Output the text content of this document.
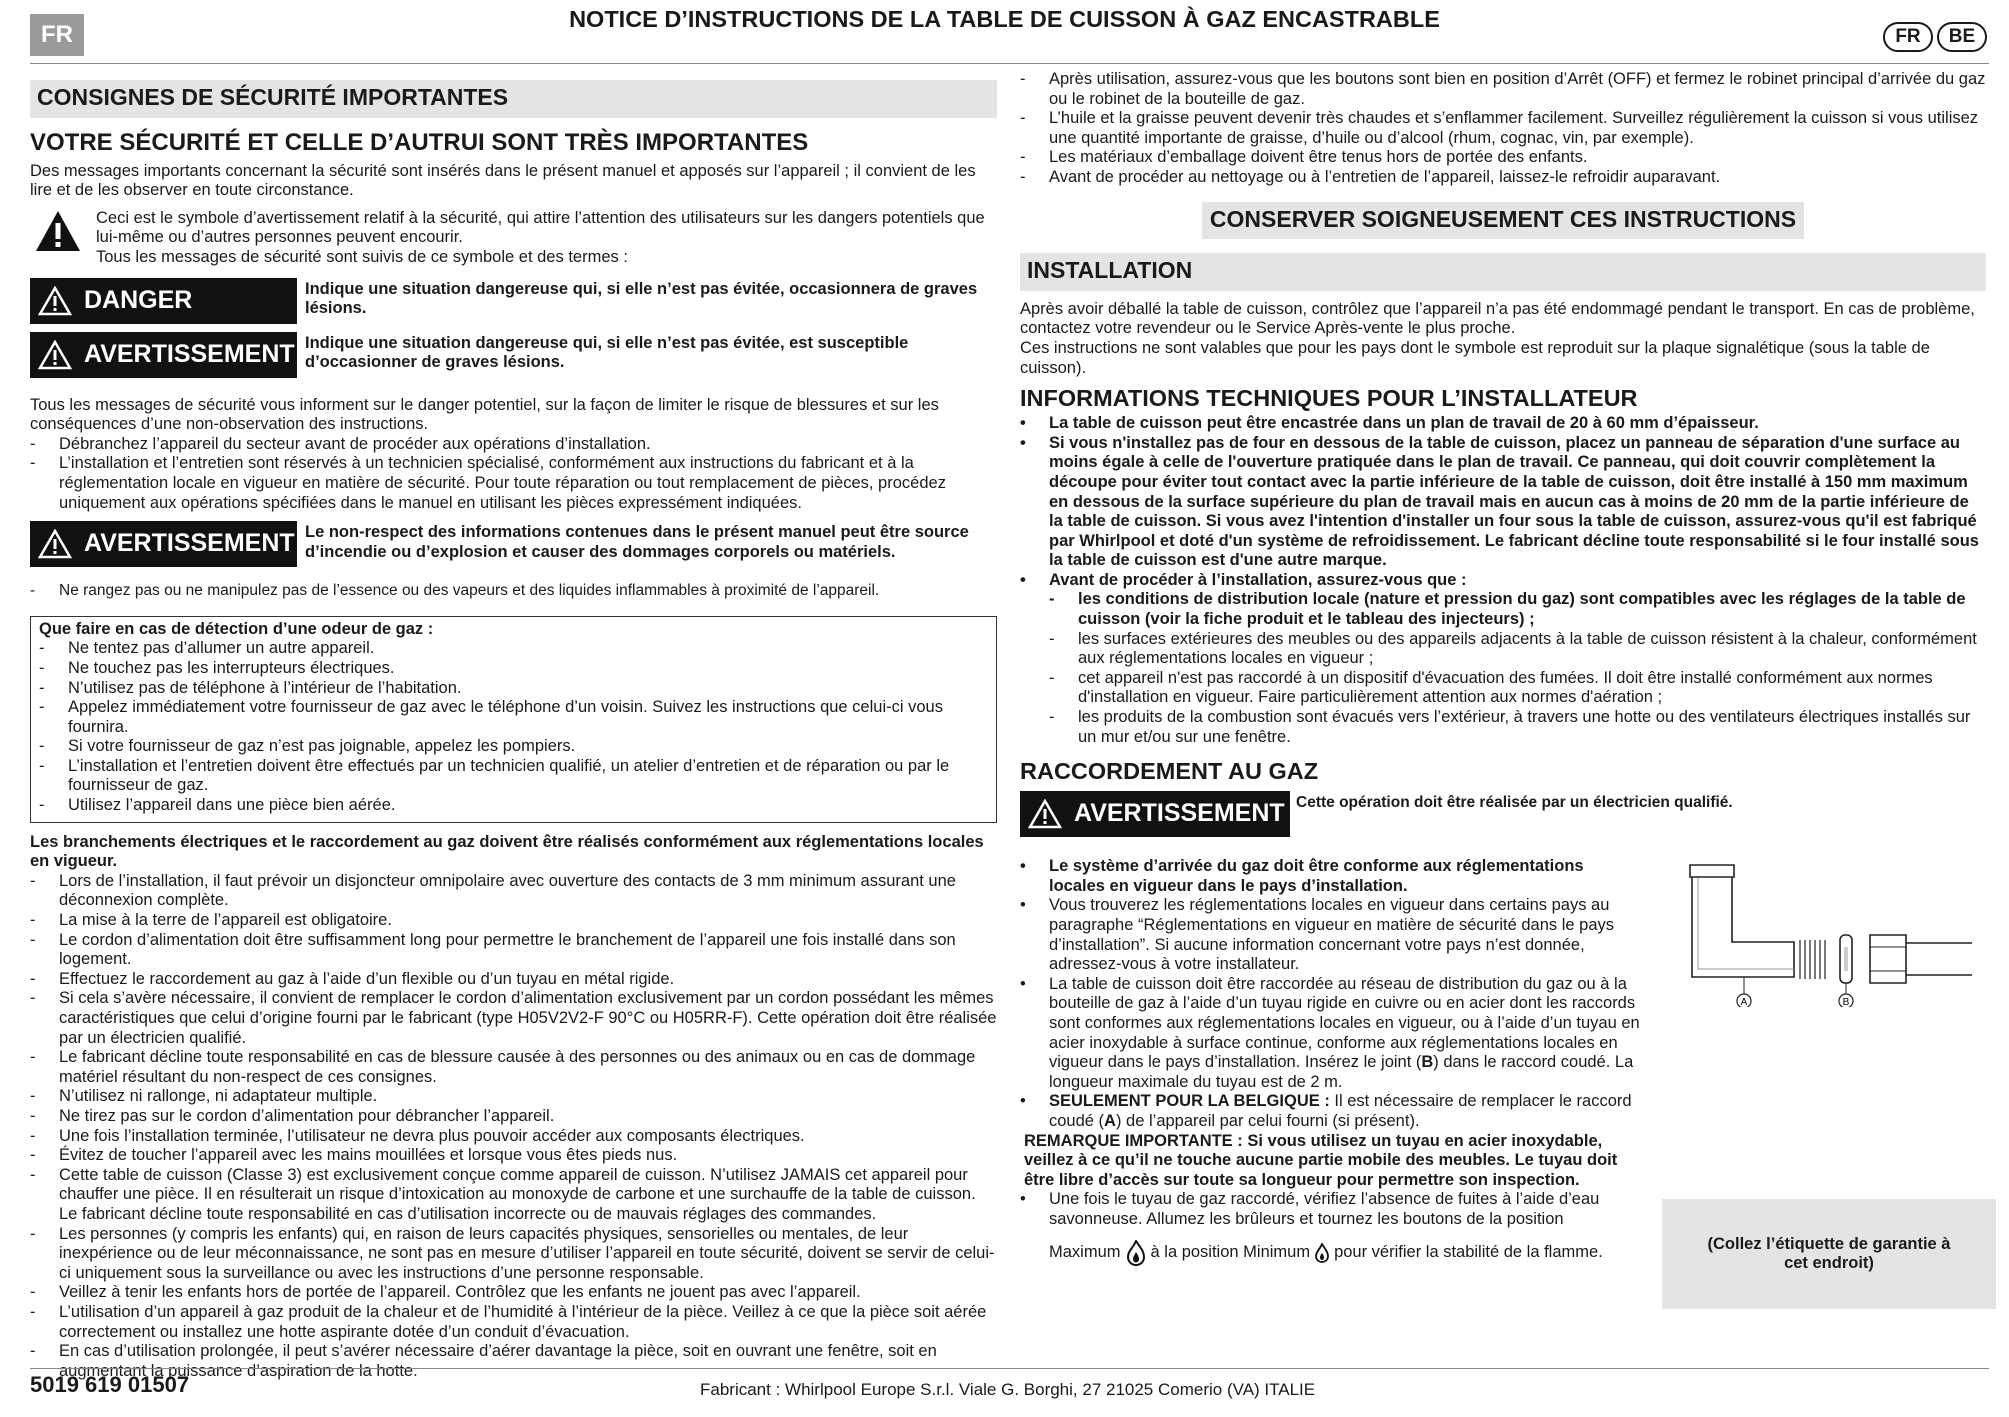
FR
NOTICE D’INSTRUCTIONS DE LA TABLE DE CUISSON À GAZ ENCASTRABLE
FR	BE
CONSIGNES DE SÉCURITÉ IMPORTANTES
VOTRE SÉCURITÉ ET CELLE D’AUTRUI SONT TRÈS IMPORTANTES

Des messages importants concernant la sécurité sont insérés dans le présent manuel et apposés sur l’appareil ; il convient de les lire et de les observer en toute circonstance.

Ceci est le symbole d’avertissement relatif à la sécurité, qui attire l’attention des utilisateurs sur les dangers potentiels que lui-même ou d’autres personnes peuvent encourir.

Tous les messages de sécurité sont suivis de ce symbole et des termes :

DANGER	Indique une situation dangereuse qui, si elle n’est pas évitée, occasionnera de graves lésions.
AVERTISSEMENT Indique une situation dangereuse qui, si elle n’est pas évitée, est susceptible d’occasionner de graves lésions.

Tous les messages de sécurité vous informent sur le danger potentiel, sur la façon de limiter le risque de blessures et sur les conséquences d’une non-observation des instructions.

- Débranchez l’appareil du secteur avant de procéder aux opérations d’installation.
- L’installation et l’entretien sont réservés à un technicien spécialisé, conformément aux instructions du fabricant et à la réglementation locale en vigueur en matière de sécurité. Pour toute réparation ou tout remplacement de pièces, procédez uniquement aux opérations spécifiées dans le manuel en utilisant les pièces expressément indiquées.
AVERTISSEMENT Le non-respect des informations contenues dans le présent manuel peut être source d’incendie ou d’explosion et causer des dommages corporels ou matériels.
- Ne rangez pas ou ne manipulez pas de l’essence ou des vapeurs et des liquides inflammables à proximité de l’appareil.

Que faire en cas de détection d’une odeur de gaz :

- Ne tentez pas d’allumer un autre appareil.
- Ne touchez pas les interrupteurs électriques.
- N’utilisez pas de téléphone à l’intérieur de l’habitation.
- Appelez immédiatement votre fournisseur de gaz avec le téléphone d’un voisin. Suivez les instructions que celui-ci vous fournira.
- Si votre fournisseur de gaz n’est pas joignable, appelez les pompiers.
- L’installation et l’entretien doivent être effectués par un technicien qualifié, un atelier d’entretien et de réparation ou par le fournisseur de gaz.
- Utilisez l’appareil dans une pièce bien aérée.

Les branchements électriques et le raccordement au gaz doivent être réalisés conformément aux réglementations locales en vigueur.

- Lors de l’installation, il faut prévoir un disjoncteur omnipolaire avec ouverture des contacts de 3 mm minimum assurant une déconnexion complète.
- La mise à la terre de l’appareil est obligatoire.
- Le cordon d’alimentation doit être suffisamment long pour permettre le branchement de l’appareil une fois installé dans son logement.
- Effectuez le raccordement au gaz à l’aide d’un flexible ou d’un tuyau en métal rigide.
- Si cela s’avère nécessaire, il convient de remplacer le cordon d’alimentation exclusivement par un cordon possédant les mêmes caractéristiques que celui d’origine fourni par le fabricant (type H05V2V2-F 90°C ou H05RR-F). Cette opération doit être réalisée par un électricien qualifié.
- Le fabricant décline toute responsabilité en cas de blessure causée à des personnes ou des animaux ou en cas de dommage matériel résultant du non-respect de ces consignes.
- N’utilisez ni rallonge, ni adaptateur multiple.
- Ne tirez pas sur le cordon d’alimentation pour débrancher l’appareil.
- Une fois l’installation terminée, l’utilisateur ne devra plus pouvoir accéder aux composants électriques.
- Évitez de toucher l’appareil avec les mains mouillées et lorsque vous êtes pieds nus.
- Cette table de cuisson (Classe 3) est exclusivement conçue comme appareil de cuisson. N’utilisez JAMAIS cet appareil pour chauffer une pièce. Il en résulterait un risque d’intoxication au monoxyde de carbone et une surchauffe de la table de cuisson. Le fabricant décline toute responsabilité en cas d’utilisation incorrecte ou de mauvais réglages des commandes.
- Les personnes (y compris les enfants) qui, en raison de leurs capacités physiques, sensorielles ou mentales, de leur inexpérience ou de leur méconnaissance, ne sont pas en mesure d’utiliser l’appareil en toute sécurité, doivent se servir de celui-ci uniquement sous la surveillance ou avec les instructions d’une personne responsable.
- Veillez à tenir les enfants hors de portée de l’appareil. Contrôlez que les enfants ne jouent pas avec l’appareil.
- L’utilisation d’un appareil à gaz produit de la chaleur et de l’humidité à l’intérieur de la pièce. Veillez à ce que la pièce soit aérée correctement ou installez une hotte aspirante dotée d’un conduit d’évacuation.
- En cas d’utilisation prolongée, il peut s’avérer nécessaire d’aérer davantage la pièce, soit en ouvrant une fenêtre, soit en augmentant la puissance d’aspiration de la hotte.
- Après utilisation, assurez-vous que les boutons sont bien en position d’Arrêt (OFF) et fermez le robinet principal d’arrivée du gaz ou le robinet de la bouteille de gaz.
- L’huile et la graisse peuvent devenir très chaudes et s’enflammer facilement. Surveillez régulièrement la cuisson si vous utilisez une quantité importante de graisse, d’huile ou d’alcool (rhum, cognac, vin, par exemple).
- Les matériaux d’emballage doivent être tenus hors de portée des enfants.
- Avant de procéder au nettoyage ou à l’entretien de l’appareil, laissez-le refroidir auparavant.
CONSERVER SOIGNEUSEMENT CES INSTRUCTIONS
INSTALLATION

Après avoir déballé la table de cuisson, contrôlez que l’appareil n’a pas été endommagé pendant le transport. En cas de problème, contactez votre revendeur ou le Service Après-vente le plus proche.

Ces instructions ne sont valables que pour les pays dont le symbole est reproduit sur la plaque signalétique (sous la table de cuisson).

INFORMATIONS TECHNIQUES POUR L’INSTALLATEUR
• La table de cuisson peut être encastrée dans un plan de travail de 20 à 60 mm d’épaisseur.
• Si vous n'installez pas de four en dessous de la table de cuisson, placez un panneau de séparation d'une surface au moins égale à celle de l'ouverture pratiquée dans le plan de travail. Ce panneau, qui doit couvrir complètement la découpe pour éviter tout contact avec la partie inférieure de la table de cuisson, doit être installé à 150 mm maximum en dessous de la surface supérieure du plan de travail mais en aucun cas à moins de 20 mm de la partie inférieure de la table de cuisson. Si vous avez l'intention d'installer un four sous la table de cuisson, assurez-vous qu'il est fabriqué par Whirlpool et doté d'un système de refroidissement. Le fabricant décline toute responsabilité si le four installé sous la table de cuisson est d'une autre marque.
• Avant de procéder à l’installation, assurez-vous que :
- les conditions de distribution locale (nature et pression du gaz) sont compatibles avec les réglages de la table de cuisson (voir la fiche produit et le tableau des injecteurs) ;
- les surfaces extérieures des meubles ou des appareils adjacents à la table de cuisson résistent à la chaleur, conformément aux réglementations locales en vigueur ;
- cet appareil n'est pas raccordé à un dispositif d'évacuation des fumées. Il doit être installé conformément aux normes d'installation en vigueur. Faire particulièrement attention aux normes d'aération ;
- les produits de la combustion sont évacués vers l’extérieur, à travers une hotte ou des ventilateurs électriques installés sur un mur et/ou sur une fenêtre.
RACCORDEMENT AU GAZ
AVERTISSEMENT Cette opération doit être réalisée par un électricien qualifié.
• Le système d’arrivée du gaz doit être conforme aux réglementations locales en vigueur dans le pays d’installation.
• Vous trouverez les réglementations locales en vigueur dans certains pays au paragraphe “Réglementations en vigueur en matière de sécurité dans le pays d’installation”. Si aucune information concernant votre pays n’est donnée, adressez-vous à votre installateur.
• La table de cuisson doit être raccordée au réseau de distribution du gaz ou à la bouteille de gaz à l’aide d’un tuyau rigide en cuivre ou en acier dont les raccords sont conformes aux réglementations locales en vigueur, ou à l’aide d’un tuyau en acier inoxydable à surface continue, conforme aux réglementations locales en vigueur dans le pays d’installation. Insérez le joint (B) dans le raccord coudé. La longueur maximale du tuyau est de 2 m.
• SEULEMENT POUR LA BELGIQUE : Il est nécessaire de remplacer le raccord coudé (A) de l’appareil par celui fourni (si présent).

REMARQUE IMPORTANTE : Si vous utilisez un tuyau en acier inoxydable, veillez à ce qu’il ne touche aucune partie mobile des meubles. Le tuyau doit être libre d’accès sur toute sa longueur pour permettre son inspection.

• Une fois le tuyau de gaz raccordé, vérifiez l’absence de fuites à l’aide d’eau savonneuse. Allumez les brûleurs et tournez les boutons de la position
Maximum à la position Minimum pour vérifier la stabilité de la flamme.
A	B
(Collez l’étiquette de garantie à cet endroit)
5019 619 01507	Fabricant : Whirlpool Europe S.r.l. Viale G. Borghi, 27 21025 Comerio (VA) ITALIE
